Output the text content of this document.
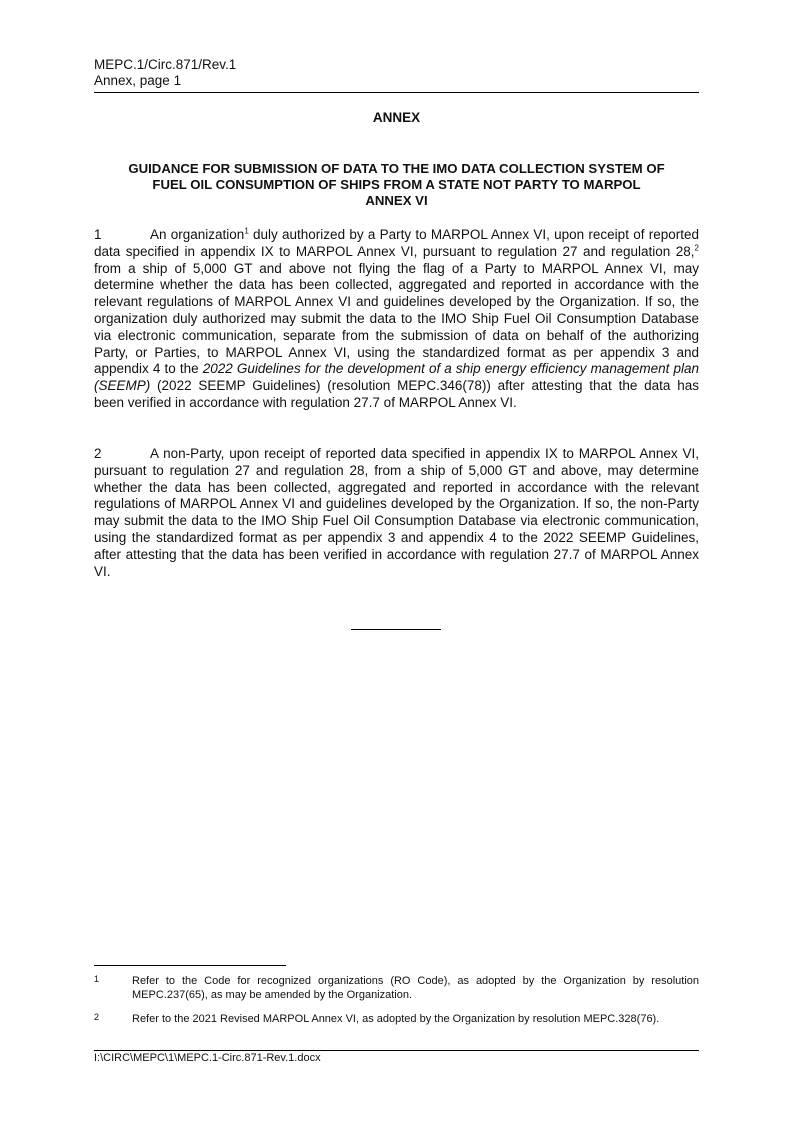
MEPC.1/Circ.871/Rev.1
Annex, page 1
ANNEX
GUIDANCE FOR SUBMISSION OF DATA TO THE IMO DATA COLLECTION SYSTEM OF
FUEL OIL CONSUMPTION OF SHIPS FROM A STATE NOT PARTY TO MARPOL
ANNEX VI
1	An organization$^1$ duly authorized by a Party to MARPOL Annex VI, upon receipt of reported data specified in appendix IX to MARPOL Annex VI, pursuant to regulation 27 and regulation 28,$^2$ from a ship of 5,000 GT and above not flying the flag of a Party to MARPOL Annex VI, may determine whether the data has been collected, aggregated and reported in accordance with the relevant regulations of MARPOL Annex VI and guidelines developed by the Organization. If so, the organization duly authorized may submit the data to the IMO Ship Fuel Oil Consumption Database via electronic communication, separate from the submission of data on behalf of the authorizing Party, or Parties, to MARPOL Annex VI, using the standardized format as per appendix 3 and appendix 4 to the 2022 Guidelines for the development of a ship energy efficiency management plan (SEEMP) (2022 SEEMP Guidelines) (resolution MEPC.346(78)) after attesting that the data has been verified in accordance with regulation 27.7 of MARPOL Annex VI.
2	A non-Party, upon receipt of reported data specified in appendix IX to MARPOL Annex VI, pursuant to regulation 27 and regulation 28, from a ship of 5,000 GT and above, may determine whether the data has been collected, aggregated and reported in accordance with the relevant regulations of MARPOL Annex VI and guidelines developed by the Organization. If so, the non-Party may submit the data to the IMO Ship Fuel Oil Consumption Database via electronic communication, using the standardized format as per appendix 3 and appendix 4 to the 2022 SEEMP Guidelines, after attesting that the data has been verified in accordance with regulation 27.7 of MARPOL Annex VI.
1	Refer to the Code for recognized organizations (RO Code), as adopted by the Organization by resolution MEPC.237(65), as may be amended by the Organization.
2	Refer to the 2021 Revised MARPOL Annex VI, as adopted by the Organization by resolution MEPC.328(76).
I:\CIRC\MEPC\1\MEPC.1-Circ.871-Rev.1.docx
